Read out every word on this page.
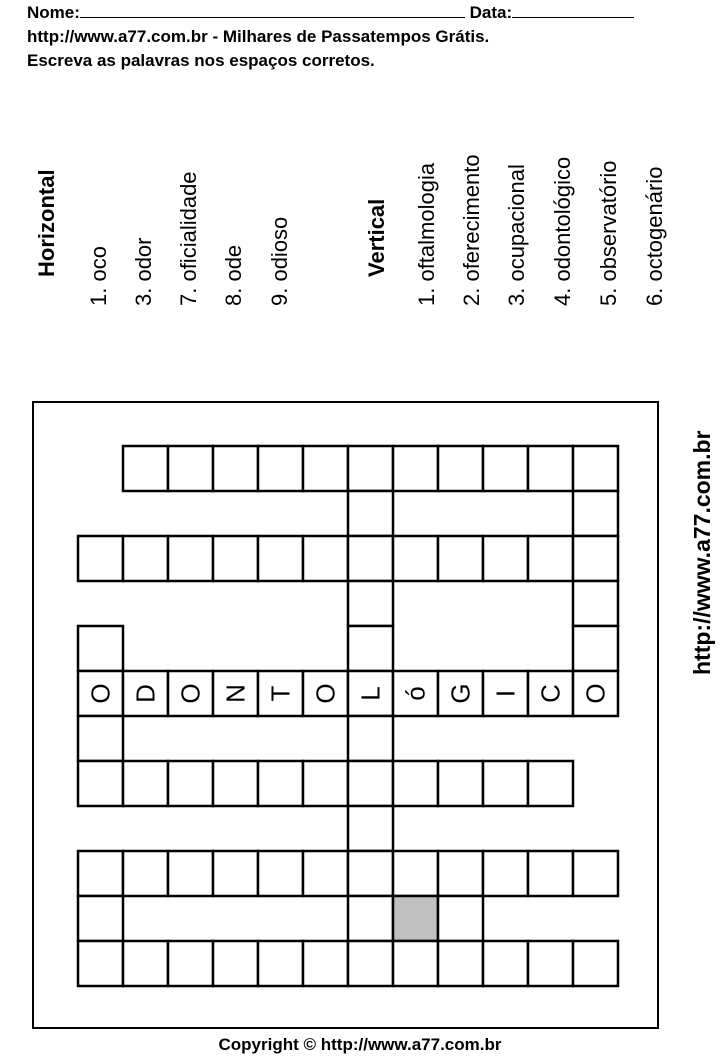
Nome:	Data:
http://www.a77.com.br - Milhares de Passatempos Grátis.
Escreva as palavras nos espaços corretos.
Horizontal 1. oco 3. odor 7. oficialidade 8. ode 9. odioso	Vertical 1. oftalmologia 2. oferecimento 3. ocupacional 4. odontológico 5. observatório 6. octogenário
http://www.a77.com.br
O D O N T O L ó G I C O
Copyright © http://www.a77.com.br
